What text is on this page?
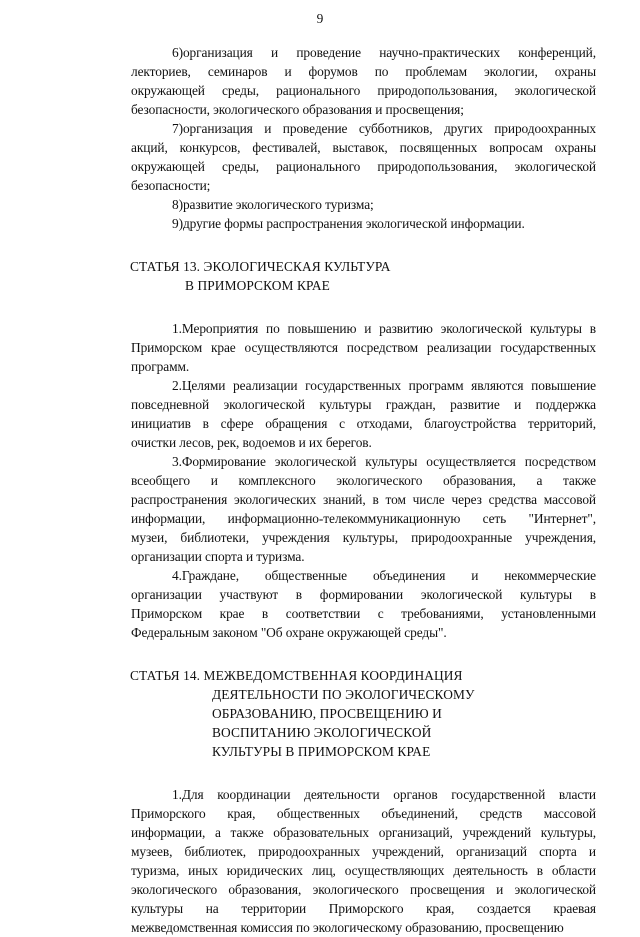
9
6)организация и проведение научно-практических конференций,
лекториев, семинаров и форумов по проблемам экологии, охраны
окружающей среды, рационального природопользования, экологической
безопасности, экологического образования и просвещения;
7)организация и проведение субботников, других природоохранных
акций, конкурсов, фестивалей, выставок, посвященных вопросам охраны
окружающей среды, рационального природопользования, экологической
безопасности;
8)развитие экологического туризма;
9)другие формы распространения экологической информации.
СТАТЬЯ 13. ЭКОЛОГИЧЕСКАЯ КУЛЬТУРА
В ПРИМОРСКОМ КРАЕ
1.Мероприятия по повышению и развитию экологической культуры в
Приморском крае осуществляются посредством реализации государственных
программ.
2.Целями реализации государственных программ являются повышение
повседневной экологической культуры граждан, развитие и поддержка
инициатив в сфере обращения с отходами, благоустройства территорий,
очистки лесов, рек, водоемов и их берегов.
3.Формирование экологической культуры осуществляется посредством
всеобщего и комплексного экологического образования, а также
распространения экологических знаний, в том числе через средства массовой
информации, информационно-телекоммуникационную сеть "Интернет",
музеи, библиотеки, учреждения культуры, природоохранные учреждения,
организации спорта и туризма.
4.Граждане, общественные объединения и некоммерческие
организации участвуют в формировании экологической культуры в
Приморском крае в соответствии с требованиями, установленными
Федеральным законом "Об охране окружающей среды".
СТАТЬЯ 14. МЕЖВЕДОМСТВЕННАЯ КООРДИНАЦИЯ
ДЕЯТЕЛЬНОСТИ ПО ЭКОЛОГИЧЕСКОМУ
ОБРАЗОВАНИЮ, ПРОСВЕЩЕНИЮ И
ВОСПИТАНИЮ ЭКОЛОГИЧЕСКОЙ
КУЛЬТУРЫ В ПРИМОРСКОМ КРАЕ
1.Для координации деятельности органов государственной власти
Приморского края, общественных объединений, средств массовой
информации, а также образовательных организаций, учреждений культуры,
музеев, библиотек, природоохранных учреждений, организаций спорта и
туризма, иных юридических лиц, осуществляющих деятельность в области
экологического образования, экологического просвещения и экологической
культуры на территории Приморского края, создается краевая
межведомственная комиссия по экологическому образованию, просвещению
